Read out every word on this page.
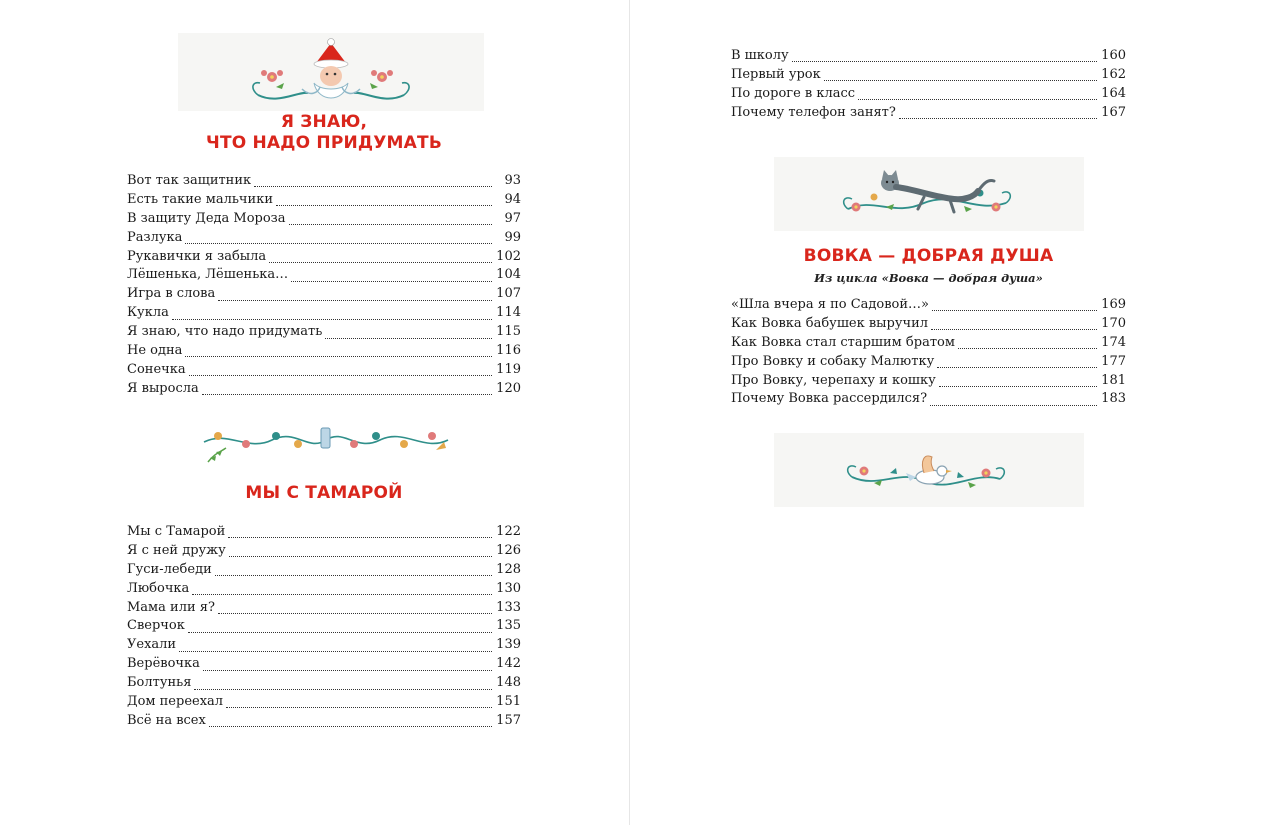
Я ЗНАЮ,
ЧТО НАДО ПРИДУМАТЬ
Вот так защитник	93
Есть такие мальчики	94
В защиту Деда Мороза	97
Разлука	99
Рукавички я забыла	102
Лёшенька, Лёшенька…	104
Игра в слова	107
Кукла	114
Я знаю, что надо придумать	115
Не одна	116
Сонечка	119
Я выросла	120
МЫ С ТАМАРОЙ
Мы с Тамарой	122
Я с ней дружу	126
Гуси-лебеди	128
Любочка	130
Мама или я?	133
Сверчок	135
Уехали	139
Верёвочка	142
Болтунья	148
Дом переехал	151
Всё на всех	157
В школу	160
Первый урок	162
По дороге в класс	164
Почему телефон занят?	167
ВОВКА — ДОБРАЯ ДУША

Из цикла «Вовка — добрая душа»

«Шла вчера я по Садовой…»	169
Как Вовка бабушек выручил	170
Как Вовка стал старшим братом	174
Про Вовку и собаку Малютку	177
Про Вовку, черепаху и кошку	181
Почему Вовка рассердился?	183
